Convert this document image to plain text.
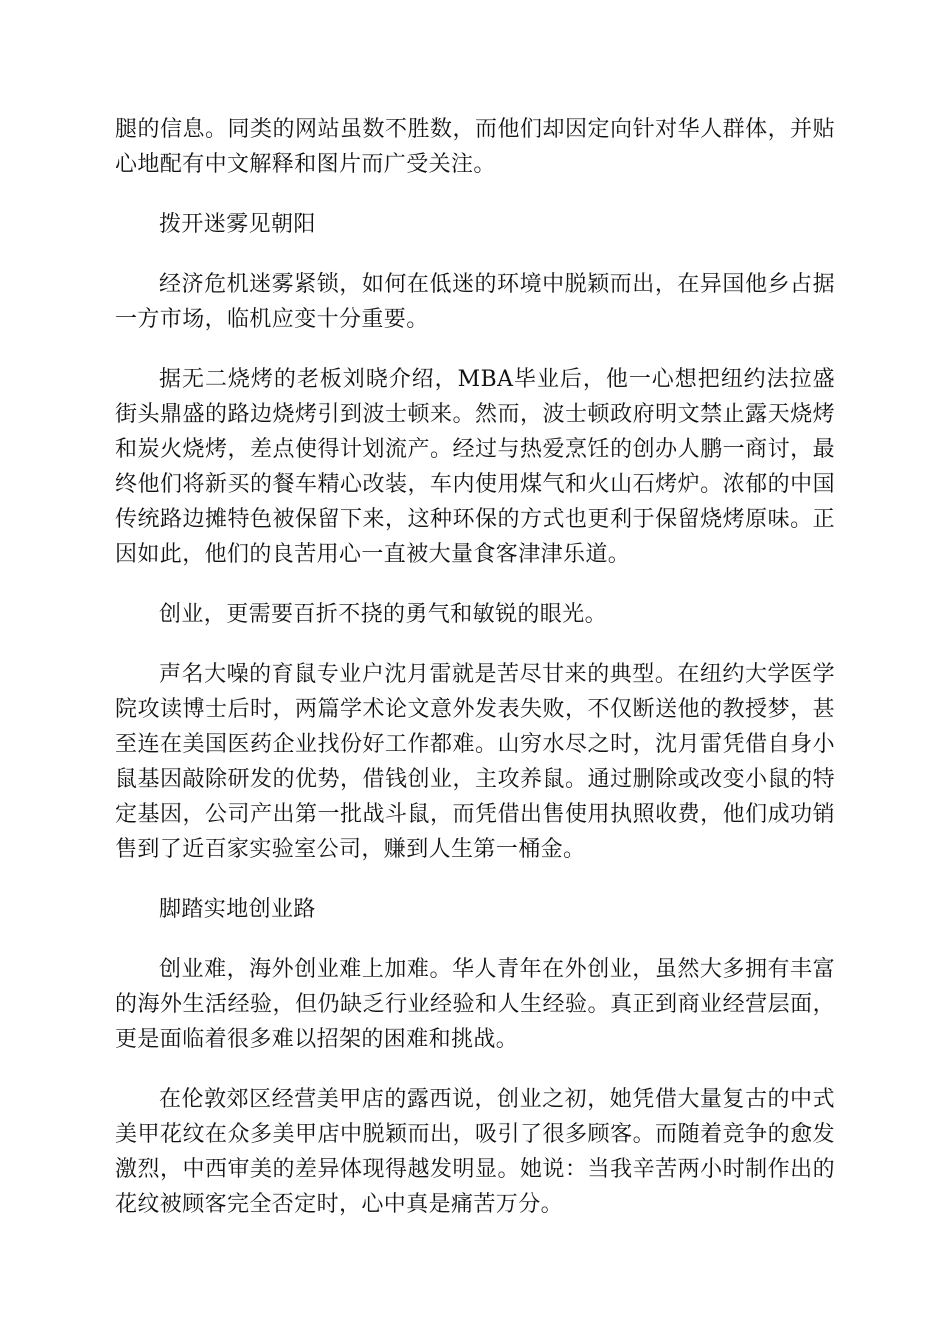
腿的信息。同类的网站虽数不胜数，而他们却因定向针对华人群体，并贴心地配有中文解释和图片而广受关注。

拨开迷雾见朝阳

经济危机迷雾紧锁，如何在低迷的环境中脱颖而出，在异国他乡占据一方市场，临机应变十分重要。

据无二烧烤的老板刘晓介绍，MBA毕业后，他一心想把纽约法拉盛街头鼎盛的路边烧烤引到波士顿来。然而，波士顿政府明文禁止露天烧烤和炭火烧烤，差点使得计划流产。经过与热爱烹饪的创办人鹏一商讨，最终他们将新买的餐车精心改装，车内使用煤气和火山石烤炉。浓郁的中国传统路边摊特色被保留下来，这种环保的方式也更利于保留烧烤原味。正因如此，他们的良苦用心一直被大量食客津津乐道。

创业，更需要百折不挠的勇气和敏锐的眼光。

声名大噪的育鼠专业户沈月雷就是苦尽甘来的典型。在纽约大学医学院攻读博士后时，两篇学术论文意外发表失败，不仅断送他的教授梦，甚至连在美国医药企业找份好工作都难。山穷水尽之时，沈月雷凭借自身小鼠基因敲除研发的优势，借钱创业，主攻养鼠。通过删除或改变小鼠的特定基因，公司产出第一批战斗鼠，而凭借出售使用执照收费，他们成功销售到了近百家实验室公司，赚到人生第一桶金。

脚踏实地创业路

创业难，海外创业难上加难。华人青年在外创业，虽然大多拥有丰富的海外生活经验，但仍缺乏行业经验和人生经验。真正到商业经营层面，更是面临着很多难以招架的困难和挑战。

在伦敦郊区经营美甲店的露西说，创业之初，她凭借大量复古的中式美甲花纹在众多美甲店中脱颖而出，吸引了很多顾客。而随着竞争的愈发激烈，中西审美的差异体现得越发明显。她说：当我辛苦两小时制作出的花纹被顾客完全否定时，心中真是痛苦万分。
